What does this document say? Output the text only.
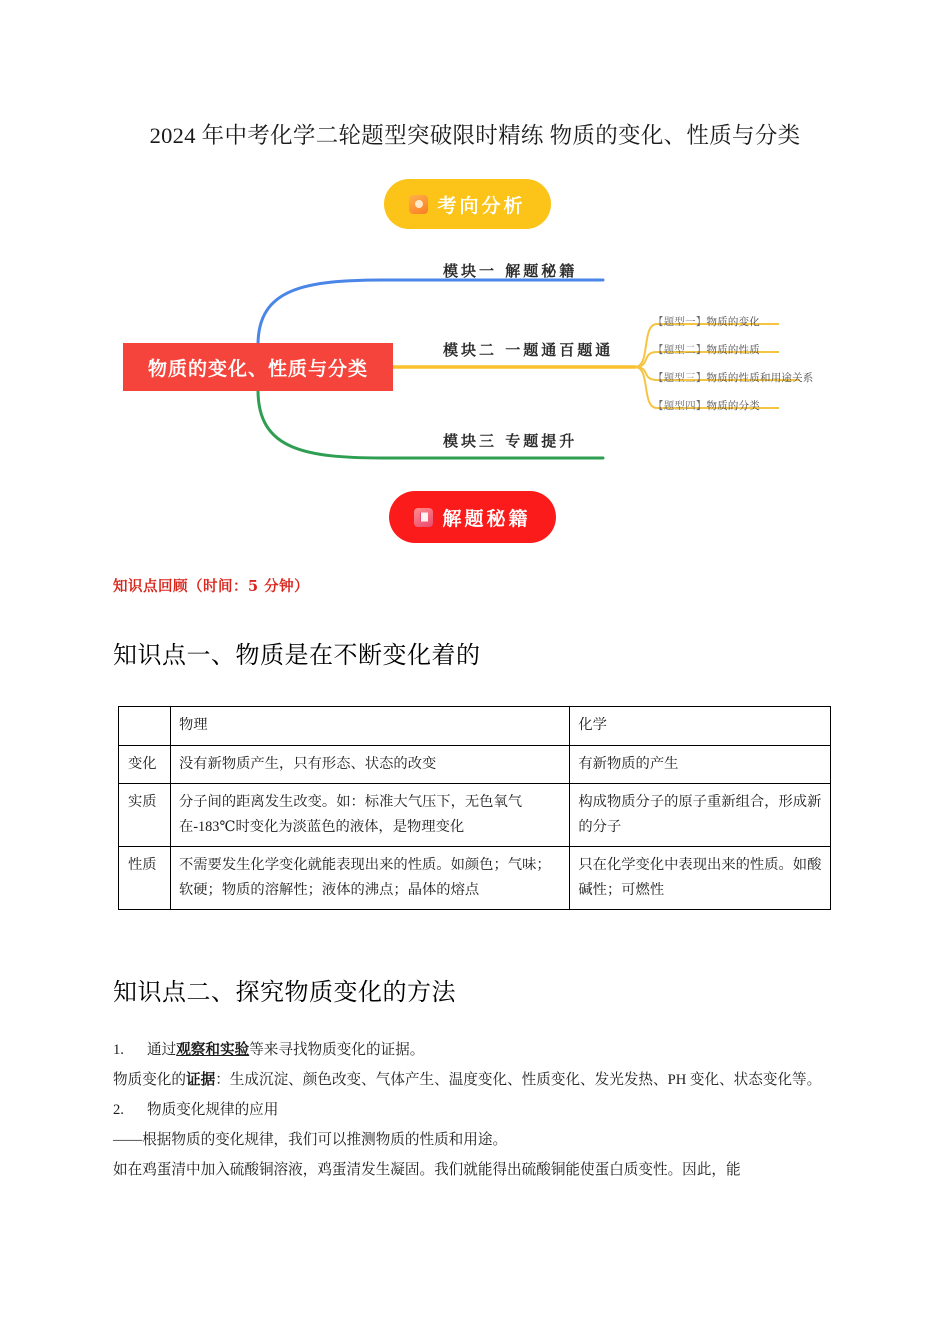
2024 年中考化学二轮题型突破限时精练 物质的变化、性质与分类
考向分析
物质的变化、性质与分类
模块一 解题秘籍
模块二 一题通百题通
模块三 专题提升
【题型一】物质的变化
【题型二】物质的性质
【题型三】物质的性质和用途关系
【题型四】物质的分类
解题秘籍
知识点回顾（时间：5 分钟）
知识点一、物质是在不断变化着的
	物理	化学
变化	没有新物质产生，只有形态、状态的改变	有新物质的产生
实质	分子间的距离发生改变。如：标准大气压下，无色氧气在-183℃时变化为淡蓝色的液体，是物理变化	构成物质分子的原子重新组合，形成新的分子
性质	不需要发生化学变化就能表现出来的性质。如颜色；气味；软硬；物质的溶解性；液体的沸点；晶体的熔点	只在化学变化中表现出来的性质。如酸碱性；可燃性
知识点二、探究物质变化的方法

1. 通过观察和实验等来寻找物质变化的证据。

物质变化的证据：生成沉淀、颜色改变、气体产生、温度变化、性质变化、发光发热、PH 变化、状态变化等。

2. 物质变化规律的应用

——根据物质的变化规律，我们可以推测物质的性质和用途。

如在鸡蛋清中加入硫酸铜溶液，鸡蛋清发生凝固。我们就能得出硫酸铜能使蛋白质变性。因此，能
